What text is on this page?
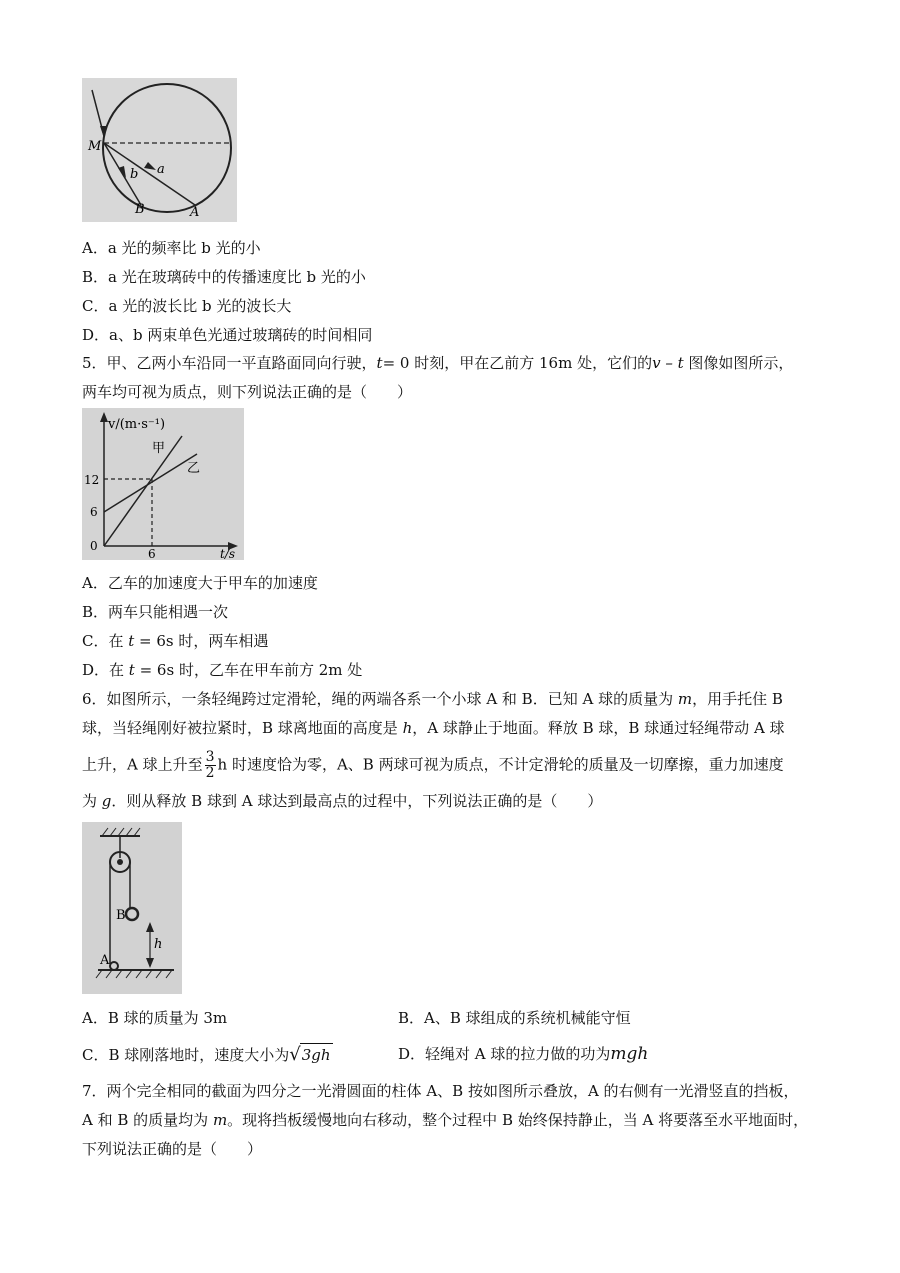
M
a
b
B	A
A．a 光的频率比 b 光的小
B．a 光在玻璃砖中的传播速度比 b 光的小
C．a 光的波长比 b 光的波长大
D．a、b 两束单色光通过玻璃砖的时间相同
5．甲、乙两小车沿同一平直路面同向行驶，t= 0 时刻，甲在乙前方 16m 处，它们的v – t 图像如图所示，
两车均可视为质点，则下列说法正确的是（　　）
v/(m·s⁻¹)
甲
乙
12
6
0
6	t/s
A．乙车的加速度大于甲车的加速度
B．两车只能相遇一次
C．在 t = 6s 时，两车相遇
D．在 t = 6s 时，乙车在甲车前方 2m 处
6．如图所示，一条轻绳跨过定滑轮，绳的两端各系一个小球 A 和 B．已知 A 球的质量为 m，用手托住 B
球，当轻绳刚好被拉紧时，B 球离地面的高度是 h，A 球静止于地面。释放 B 球，B 球通过轻绳带动 A 球
上升，A 球上升至 $\frac{3}{2}$ h 时速度恰为零，A、B 两球可视为质点，不计定滑轮的质量及一切摩擦，重力加速度
为 g．则从释放 B 球到 A 球达到最高点的过程中，下列说法正确的是（　　）
B
A
h
A．B 球的质量为 3m	B．A、B 球组成的系统机械能守恒
C．B 球刚落地时，速度大小为√3gh	D．轻绳对 A 球的拉力做的功为mgh
7．两个完全相同的截面为四分之一光滑圆面的柱体 A、B 按如图所示叠放，A 的右侧有一光滑竖直的挡板，
A 和 B 的质量均为 m。现将挡板缓慢地向右移动，整个过程中 B 始终保持静止，当 A 将要落至水平地面时，
下列说法正确的是（　　）
